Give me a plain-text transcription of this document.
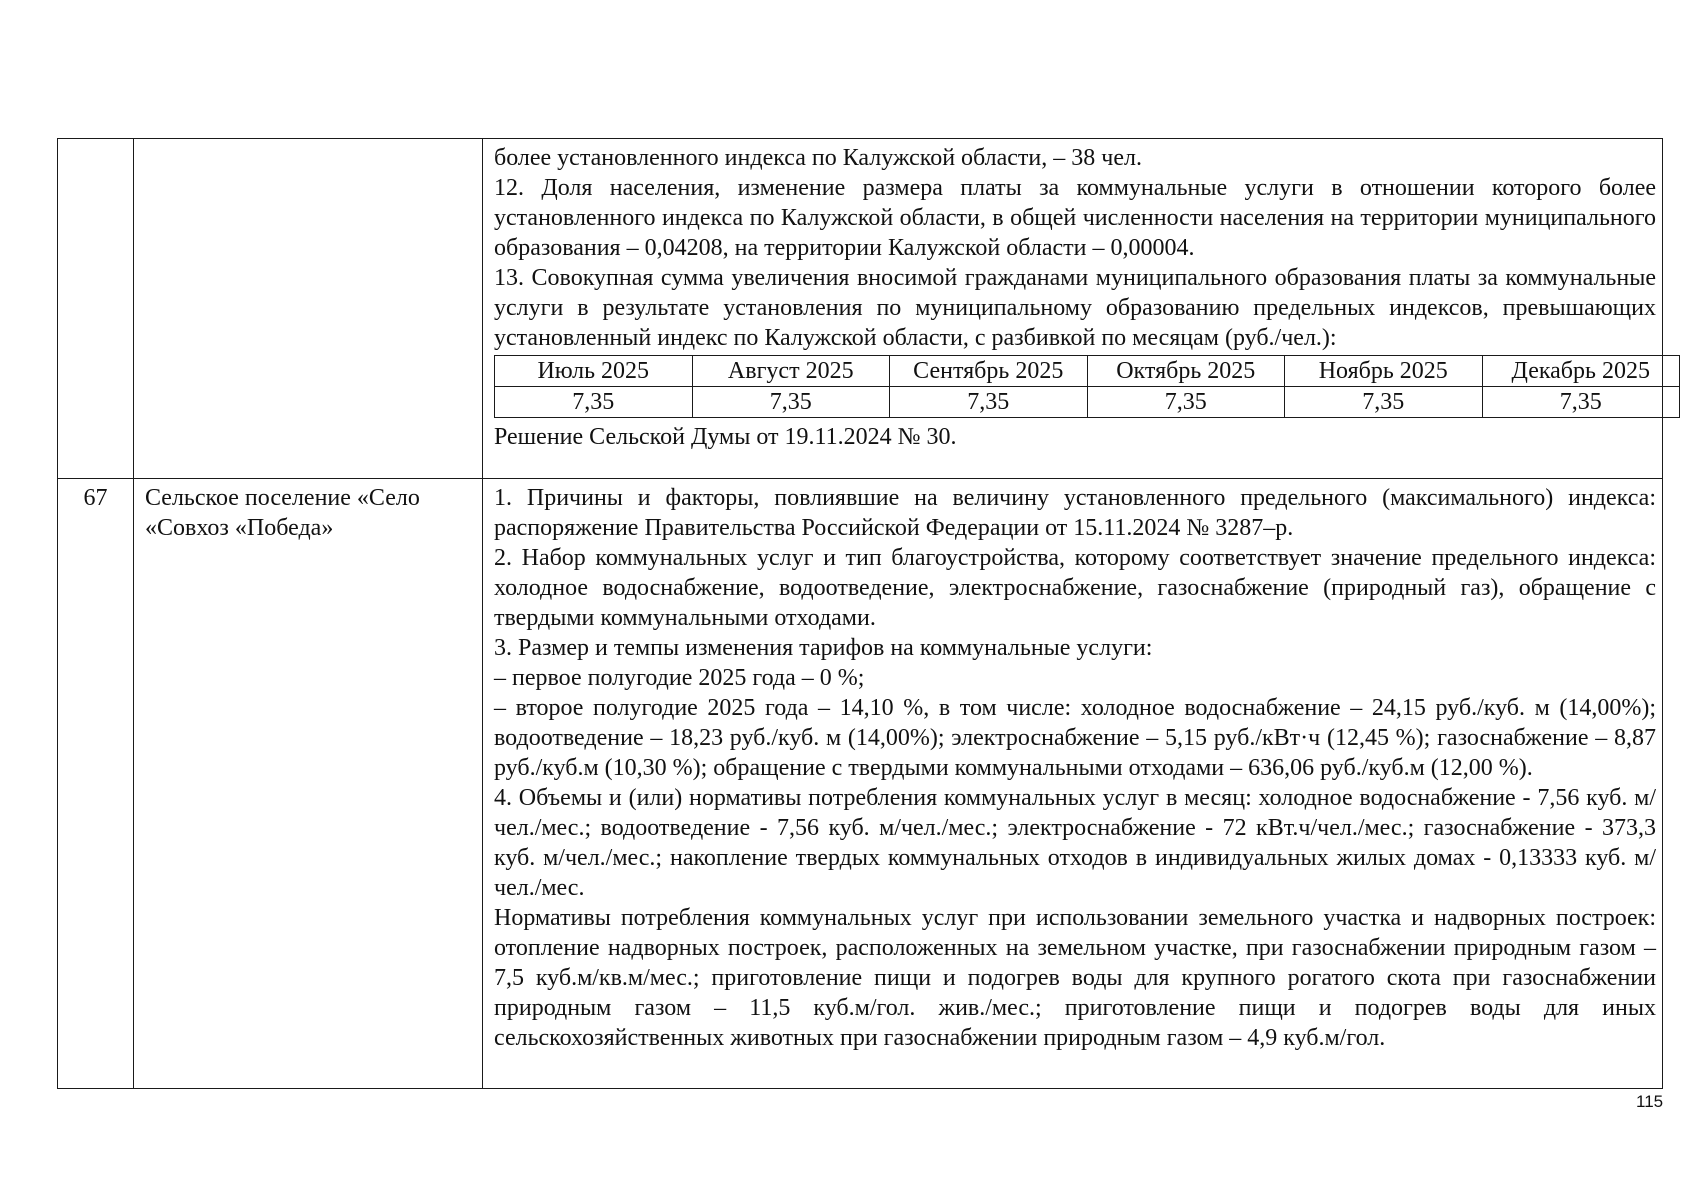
более установленного индекса по Калужской области, – 38 чел.

12. Доля населения, изменение размера платы за коммунальные услуги в отношении которого более установленного индекса по Калужской области, в общей численности населения на территории муниципального образования – 0,04208, на территории Калужской области – 0,00004.

13. Совокупная сумма увеличения вносимой гражданами муниципального образования платы за коммунальные услуги в результате установления по муниципальному образованию предельных индексов, превышающих установленный индекс по Калужской области, с разбивкой по месяцам (руб./чел.):

Июль 2025	Август 2025	Сентябрь 2025	Октябрь 2025	Ноябрь 2025	Декабрь 2025
7,35	7,35	7,35	7,35	7,35	7,35

Решение Сельской Думы от 19.11.2024 № 30.

67	Сельское поселение «Село «Совхоз «Победа»	

1. Причины и факторы, повлиявшие на величину установленного предельного (максимального) индекса: распоряжение Правительства Российской Федерации от 15.11.2024 № 3287–р.

2. Набор коммунальных услуг и тип благоустройства, которому соответствует значение предельного индекса: холодное водоснабжение, водоотведение, электроснабжение, газоснабжение (природный газ), обращение с твердыми коммунальными отходами.

3. Размер и темпы изменения тарифов на коммунальные услуги:

– первое полугодие 2025 года – 0 %;

– второе полугодие 2025 года – 14,10 %, в том числе: холодное водоснабжение – 24,15 руб./куб. м (14,00%); водоотведение – 18,23 руб./куб. м (14,00%); электроснабжение – 5,15 руб./кВт·ч (12,45 %); газоснабжение – 8,87 руб./куб.м (10,30 %); обращение с твердыми коммунальными отходами – 636,06 руб./куб.м (12,00 %).

4. Объемы и (или) нормативы потребления коммунальных услуг в месяц: холодное водоснабжение - 7,56 куб. м/чел./мес.; водоотведение - 7,56 куб. м/чел./мес.; электроснабжение - 72 кВт.ч/чел./мес.; газоснабжение - 373,3 куб. м/чел./мес.; накопление твердых коммунальных отходов в индивидуальных жилых домах - 0,13333 куб. м/чел./мес.

Нормативы потребления коммунальных услуг при использовании земельного участка и надворных построек: отопление надворных построек, расположенных на земельном участке, при газоснабжении природным газом – 7,5 куб.м/кв.м/мес.; приготовление пищи и подогрев воды для крупного рогатого скота при газоснабжении природным газом – 11,5 куб.м/гол. жив./мес.; приготовление пищи и подогрев воды для иных сельскохозяйственных животных при газоснабжении природным газом – 4,9 куб.м/гол.

115
